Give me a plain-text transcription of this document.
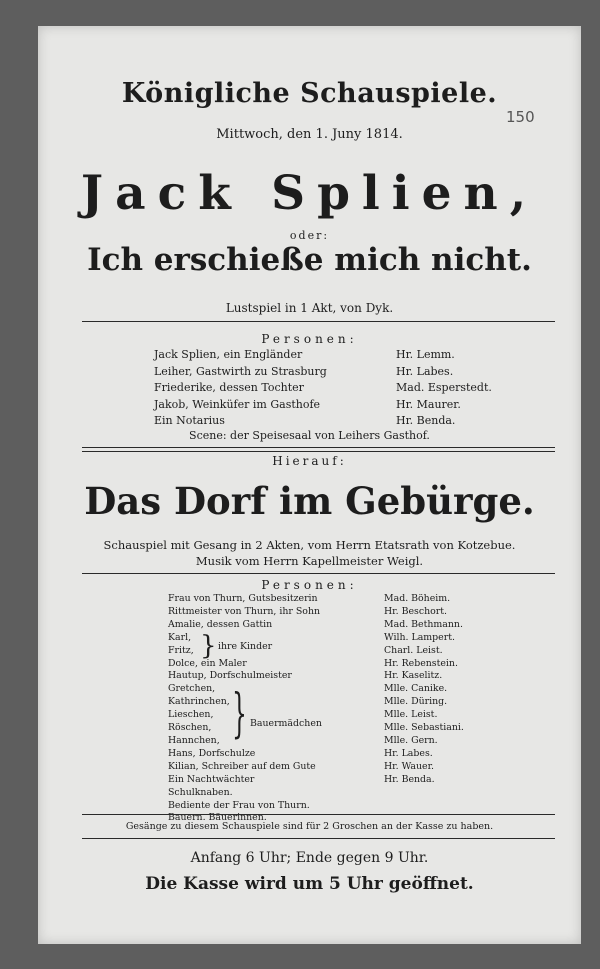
Königliche Schauspiele.
150
Mittwoch, den 1. Juny 1814.
Jack Splien,
oder:
Ich erschieße mich nicht.
Lustspiel in 1 Akt, von Dyk.
Personen:
Jack Splien, ein Engländer
Leiher, Gastwirth zu Strasburg
Friederike, dessen Tochter
Jakob, Weinküfer im Gasthofe
Ein Notarius
Hr. Lemm.
Hr. Labes.
Mad. Esperstedt.
Hr. Maurer.
Hr. Benda.
Scene: der Speisesaal von Leihers Gasthof.
Hierauf:
Das Dorf im Gebürge.
Schauspiel mit Gesang in 2 Akten, vom Herrn Etatsrath von Kotzebue.
Musik vom Herrn Kapellmeister Weigl.
Personen:
Frau von Thurn, Gutsbesitzerin
Rittmeister von Thurn, ihr Sohn
Amalie, dessen Gattin
Karl,
Fritz,
Dolce, ein Maler
Hautup, Dorfschulmeister
Gretchen,
Kathrinchen,
Lieschen,
Röschen,
Hannchen,
Hans, Dorfschulze
Kilian, Schreiber auf dem Gute
Ein Nachtwächter
Schulknaben.
Bediente der Frau von Thurn.
Bauern. Bäuerinnen.
} ihre Kinder
} Bauermädchen
Mad. Böheim.
Hr. Beschort.
Mad. Bethmann.
Wilh. Lampert.
Charl. Leist.
Hr. Rebenstein.
Hr. Kaselitz.
Mlle. Canike.
Mlle. Düring.
Mlle. Leist.
Mlle. Sebastiani.
Mlle. Gern.
Hr. Labes.
Hr. Wauer.
Hr. Benda.
Gesänge zu diesem Schauspiele sind für 2 Groschen an der Kasse zu haben.
Anfang 6 Uhr; Ende gegen 9 Uhr.
Die Kasse wird um 5 Uhr geöffnet.
